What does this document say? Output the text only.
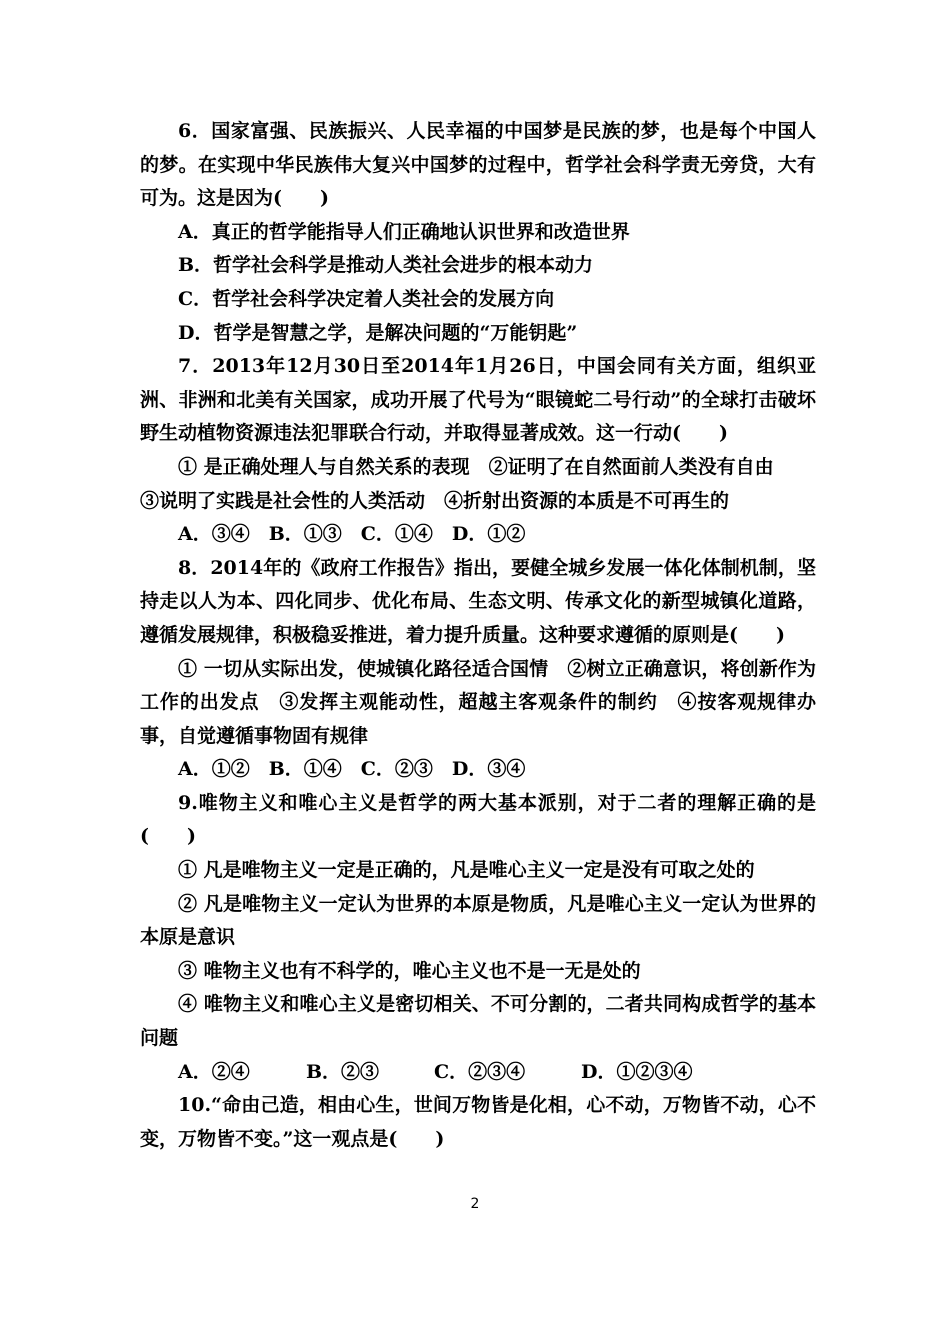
6．国家富强、民族振兴、人民幸福的中国梦是民族的梦，也是每个中国人的梦。在实现中华民族伟大复兴中国梦的过程中，哲学社会科学责无旁贷，大有可为。这是因为(　　)

A．真正的哲学能指导人们正确地认识世界和改造世界

B．哲学社会科学是推动人类社会进步的根本动力

C．哲学社会科学决定着人类社会的发展方向

D．哲学是智慧之学，是解决问题的“万能钥匙”

7．2013年12月30日至2014年1月26日，中国会同有关方面，组织亚洲、非洲和北美有关国家，成功开展了代号为“眼镜蛇二号行动”的全球打击破坏野生动植物资源违法犯罪联合行动，并取得显著成效。这一行动(　　)

① 是正确处理人与自然关系的表现　②证明了在自然面前人类没有自由

③说明了实践是社会性的人类活动　④折射出资源的本质是不可再生的

A．③④　B．①③　C．①④　D．①②

8．2014年的《政府工作报告》指出，要健全城乡发展一体化体制机制，坚持走以人为本、四化同步、优化布局、生态文明、传承文化的新型城镇化道路，遵循发展规律，积极稳妥推进，着力提升质量。这种要求遵循的原则是(　　)

① 一切从实际出发，使城镇化路径适合国情　②树立正确意识，将创新作为工作的出发点　③发挥主观能动性，超越主客观条件的制约　④按客观规律办事，自觉遵循事物固有规律

A．①②　B．①④　C．②③　D．③④

9.唯物主义和唯心主义是哲学的两大基本派别，对于二者的理解正确的是(　　)

① 凡是唯物主义一定是正确的，凡是唯心主义一定是没有可取之处的

② 凡是唯物主义一定认为世界的本原是物质，凡是唯心主义一定认为世界的本原是意识

③ 唯物主义也有不科学的，唯心主义也不是一无是处的

④ 唯物主义和唯心主义是密切相关、不可分割的，二者共同构成哲学的基本问题

A．②④	B．②③	C．②③④	D．①②③④

10.“命由己造，相由心生，世间万物皆是化相，心不动，万物皆不动，心不变，万物皆不变。”这一观点是(　　)

2
